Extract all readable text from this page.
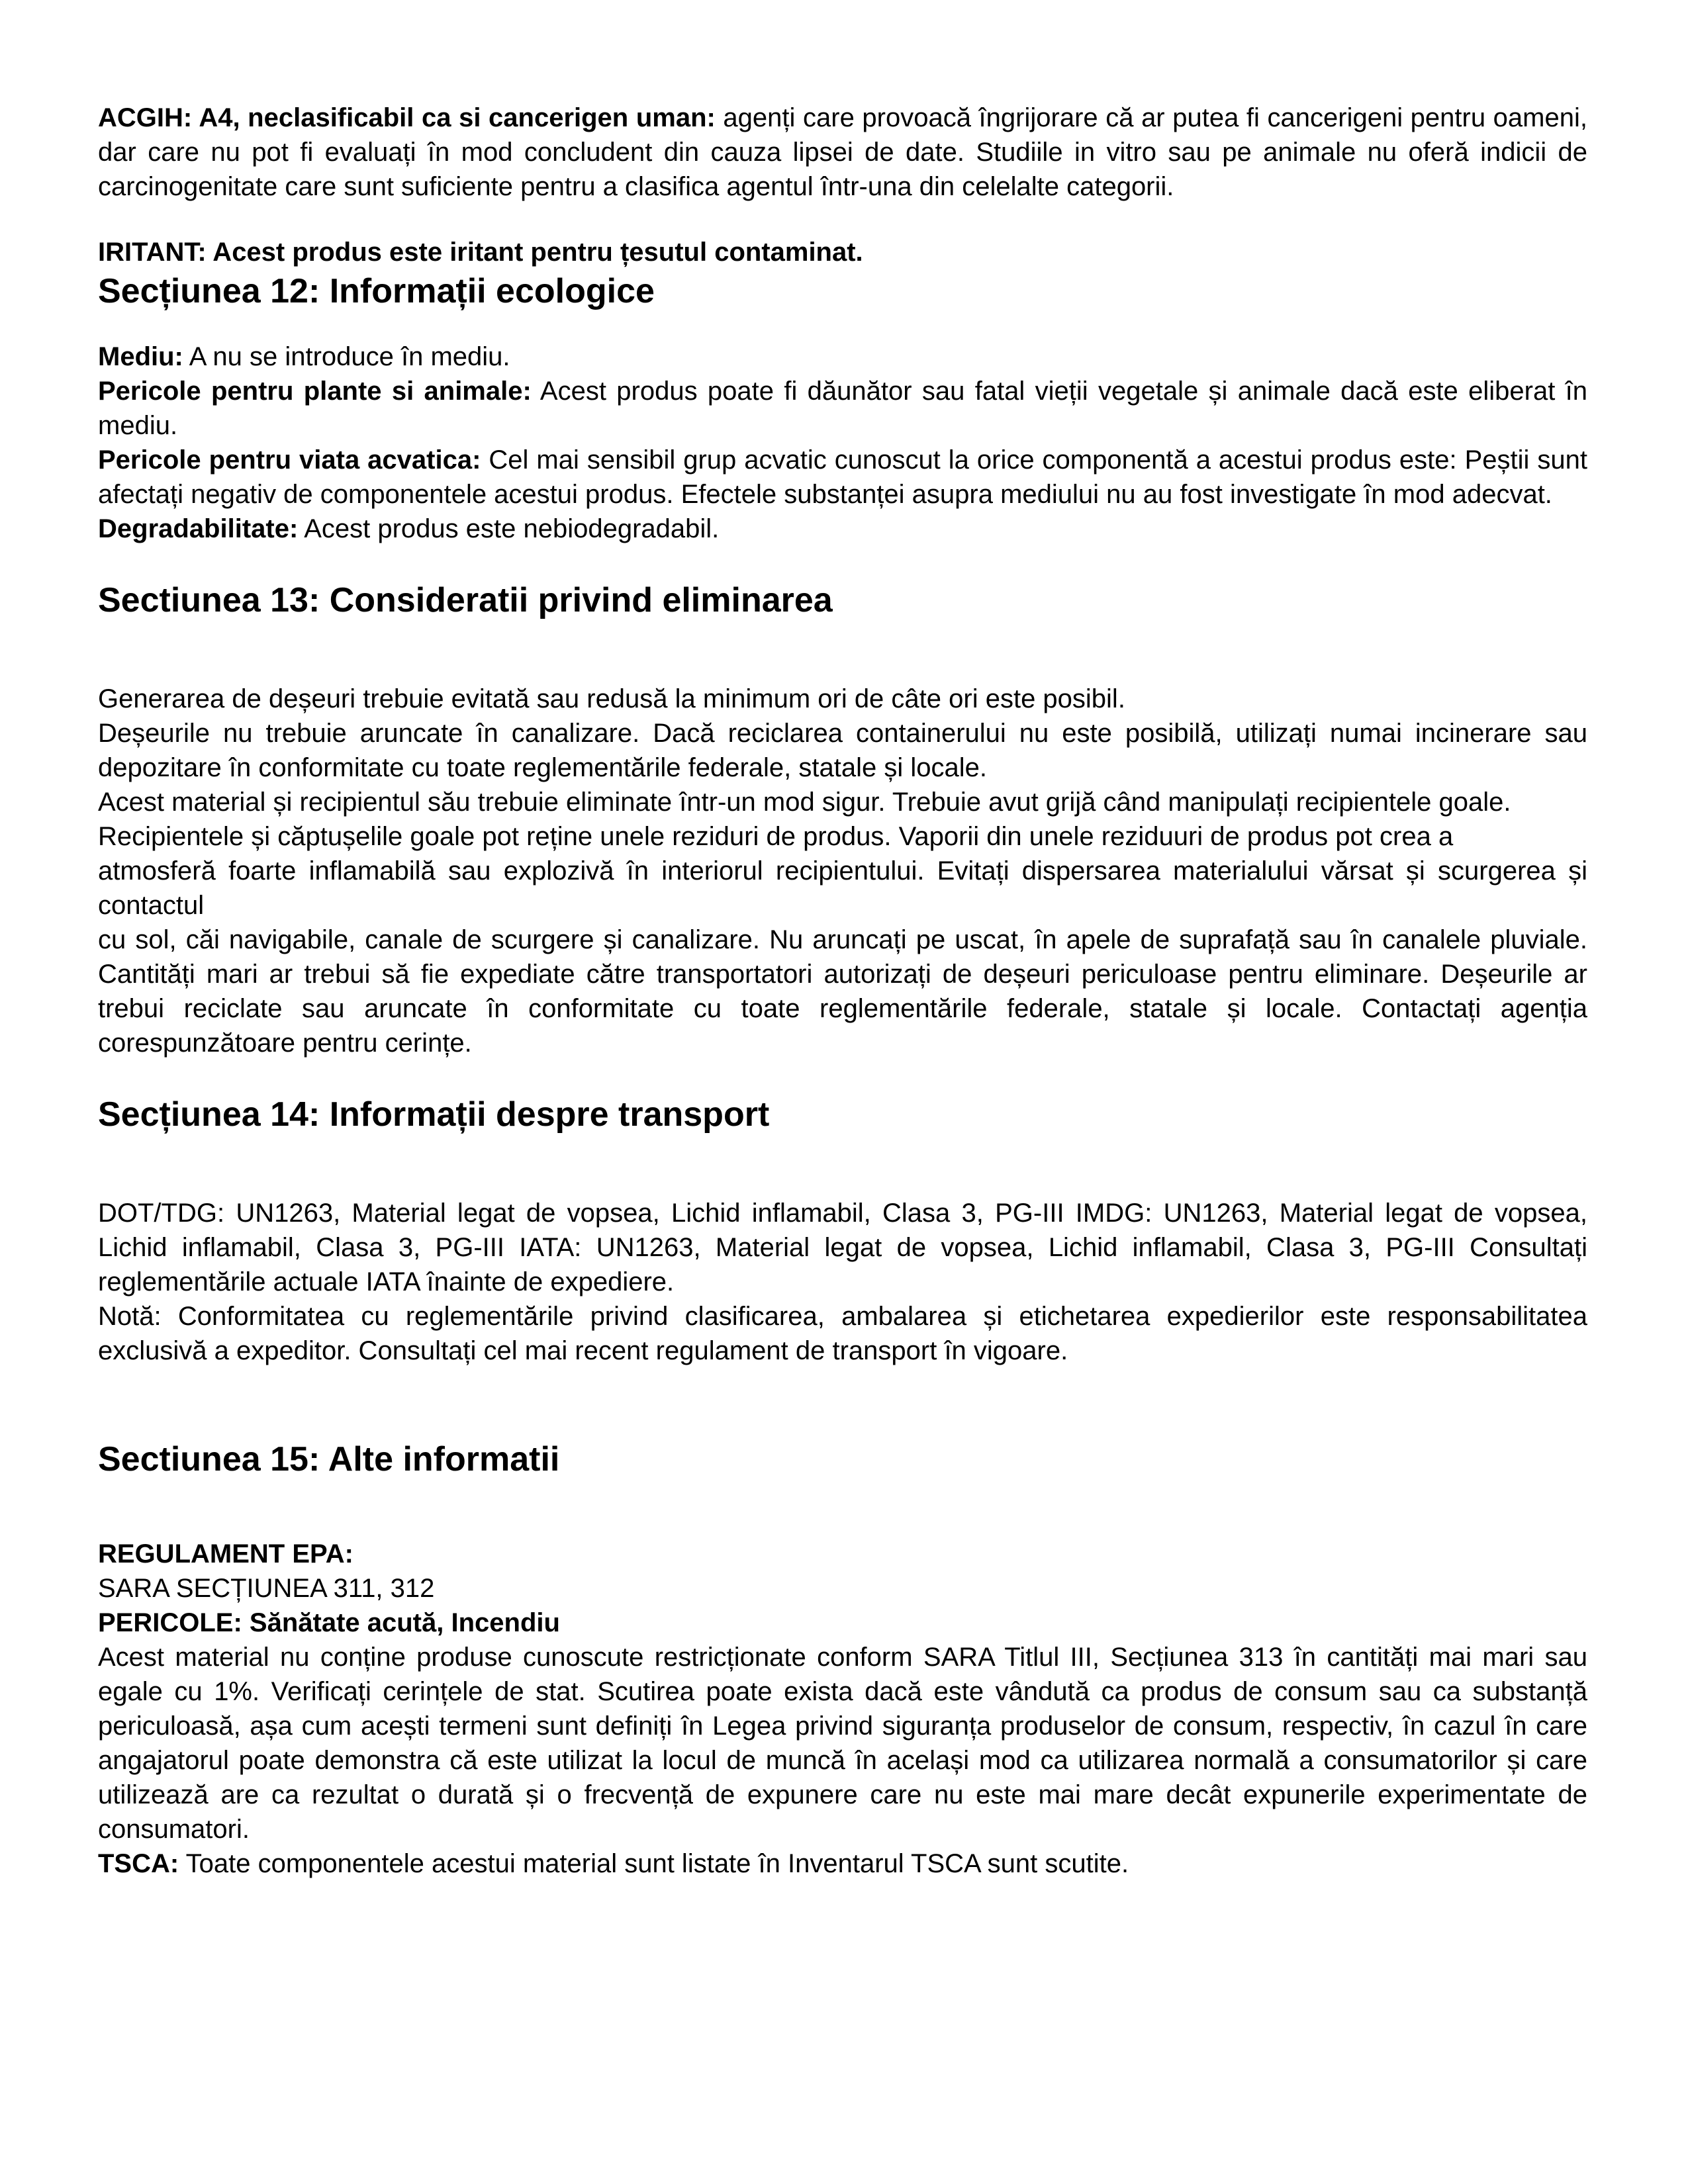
ACGIH: A4, neclasificabil ca si cancerigen uman: agenți care provoacă îngrijorare că ar putea fi cancerigeni pentru oameni, dar care nu pot fi evaluați în mod concludent din cauza lipsei de date. Studiile in vitro sau pe animale nu oferă indicii de carcinogenitate care sunt suficiente pentru a clasifica agentul într-una din celelalte categorii.

IRITANT: Acest produs este iritant pentru țesutul contaminat.

Secțiunea 12: Informații ecologice

Mediu: A nu se introduce în mediu.

Pericole pentru plante si animale: Acest produs poate fi dăunător sau fatal vieții vegetale și animale dacă este eliberat în mediu.

Pericole pentru viata acvatica: Cel mai sensibil grup acvatic cunoscut la orice componentă a acestui produs este: Peștii sunt afectați negativ de componentele acestui produs. Efectele substanței asupra mediului nu au fost investigate în mod adecvat.

Degradabilitate: Acest produs este nebiodegradabil.

Sectiunea 13: Consideratii privind eliminarea

Generarea de deșeuri trebuie evitată sau redusă la minimum ori de câte ori este posibil.

Deșeurile nu trebuie aruncate în canalizare. Dacă reciclarea containerului nu este posibilă, utilizați numai incinerare sau depozitare în conformitate cu toate reglementările federale, statale și locale.

Acest material și recipientul său trebuie eliminate într-un mod sigur. Trebuie avut grijă când manipulați recipientele goale.

Recipientele și căptușelile goale pot reține unele reziduri de produs. Vaporii din unele reziduuri de produs pot crea a

atmosferă foarte inflamabilă sau explozivă în interiorul recipientului. Evitați dispersarea materialului vărsat și scurgerea și contactul

cu sol, căi navigabile, canale de scurgere și canalizare. Nu aruncați pe uscat, în apele de suprafață sau în canalele pluviale. Cantități mari ar trebui să fie expediate către transportatori autorizați de deșeuri periculoase pentru eliminare. Deșeurile ar trebui reciclate sau aruncate în conformitate cu toate reglementările federale, statale și locale. Contactați agenția corespunzătoare pentru cerințe.

Secțiunea 14: Informații despre transport

DOT/TDG: UN1263, Material legat de vopsea, Lichid inflamabil, Clasa 3, PG-III IMDG: UN1263, Material legat de vopsea, Lichid inflamabil, Clasa 3, PG-III IATA: UN1263, Material legat de vopsea, Lichid inflamabil, Clasa 3, PG-III Consultați reglementările actuale IATA înainte de expediere.

Notă: Conformitatea cu reglementările privind clasificarea, ambalarea și etichetarea expedierilor este responsabilitatea exclusivă a expeditor. Consultați cel mai recent regulament de transport în vigoare.

Sectiunea 15: Alte informatii

REGULAMENT EPA:

SARA SECȚIUNEA 311, 312

PERICOLE: Sănătate acută, Incendiu

Acest material nu conține produse cunoscute restricționate conform SARA Titlul III, Secțiunea 313 în cantități mai mari sau egale cu 1%. Verificați cerințele de stat. Scutirea poate exista dacă este vândută ca produs de consum sau ca substanță periculoasă, așa cum acești termeni sunt definiți în Legea privind siguranța produselor de consum, respectiv, în cazul în care angajatorul poate demonstra că este utilizat la locul de muncă în același mod ca utilizarea normală a consumatorilor și care utilizează are ca rezultat o durată și o frecvență de expunere care nu este mai mare decât expunerile experimentate de consumatori.

TSCA: Toate componentele acestui material sunt listate în Inventarul TSCA sunt scutite.
